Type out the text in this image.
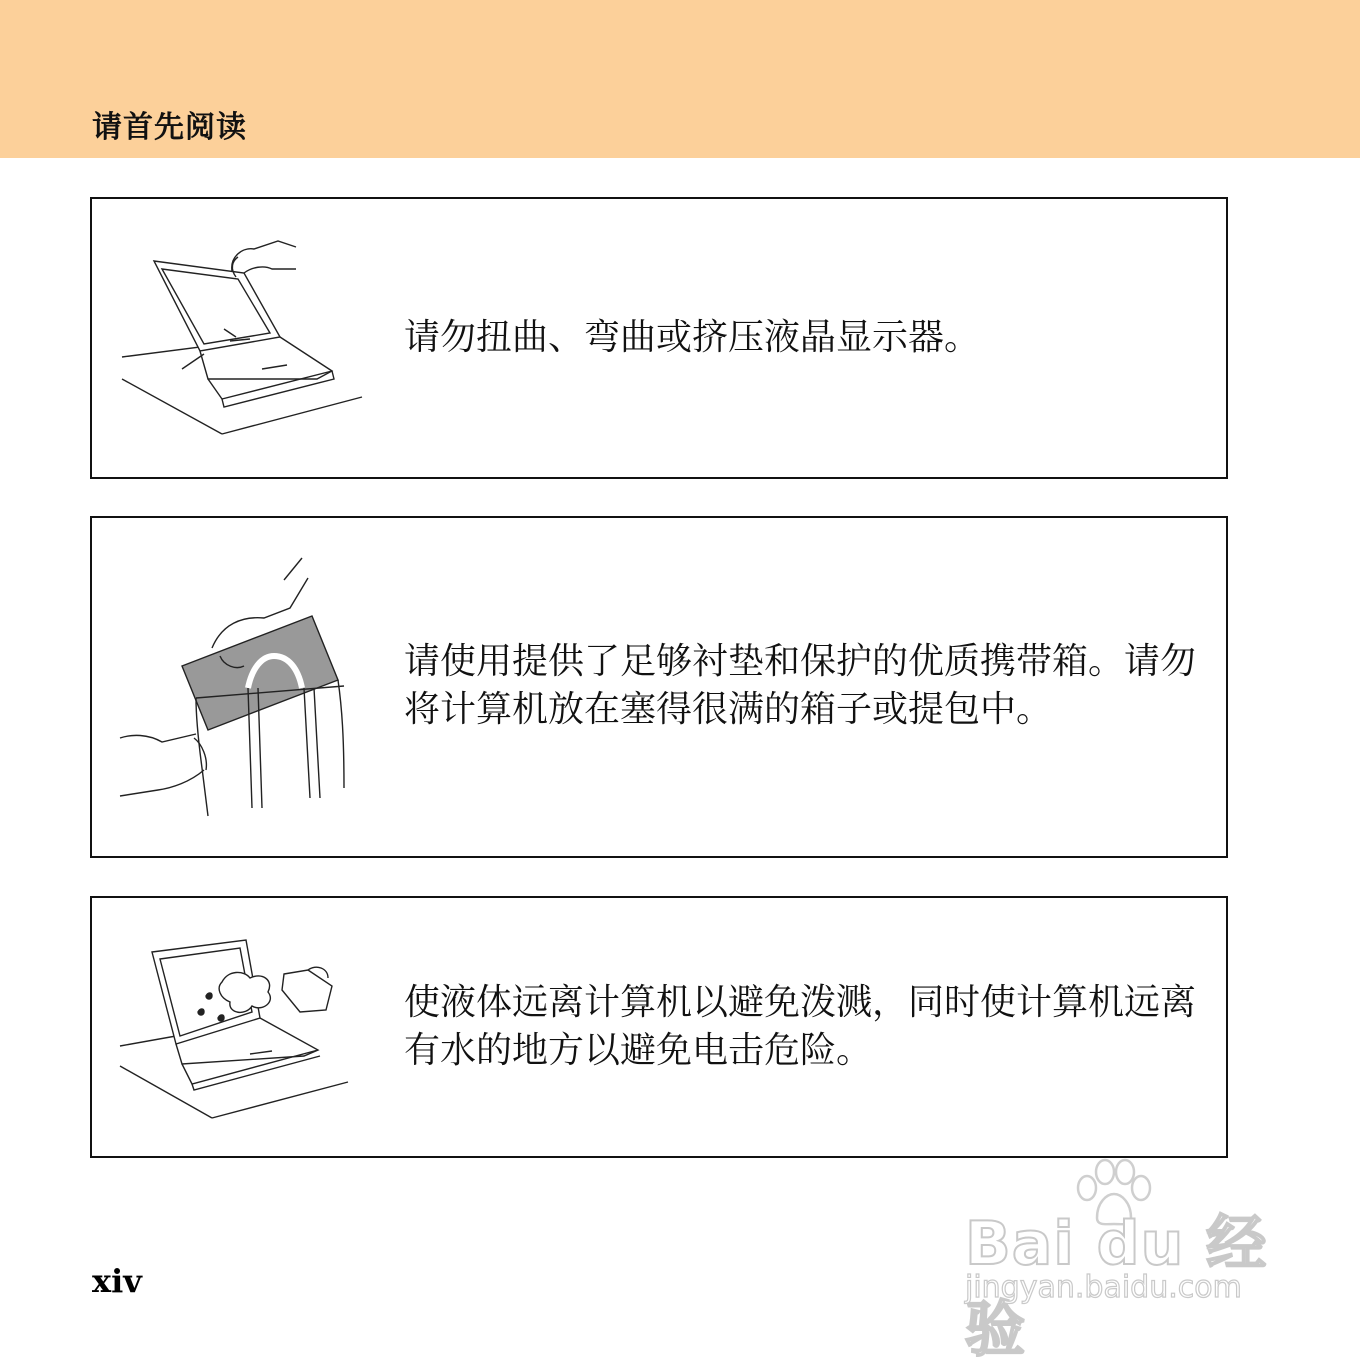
请首先阅读
请勿扭曲、弯曲或挤压液晶显示器。
请使用提供了足够衬垫和保护的优质携带箱。请勿将计算机放在塞得很满的箱子或提包中。
使液体远离计算机以避免泼溅，同时使计算机远离有水的地方以避免电击危险。
xiv
Bai du 经验
jingyan.baidu.com
